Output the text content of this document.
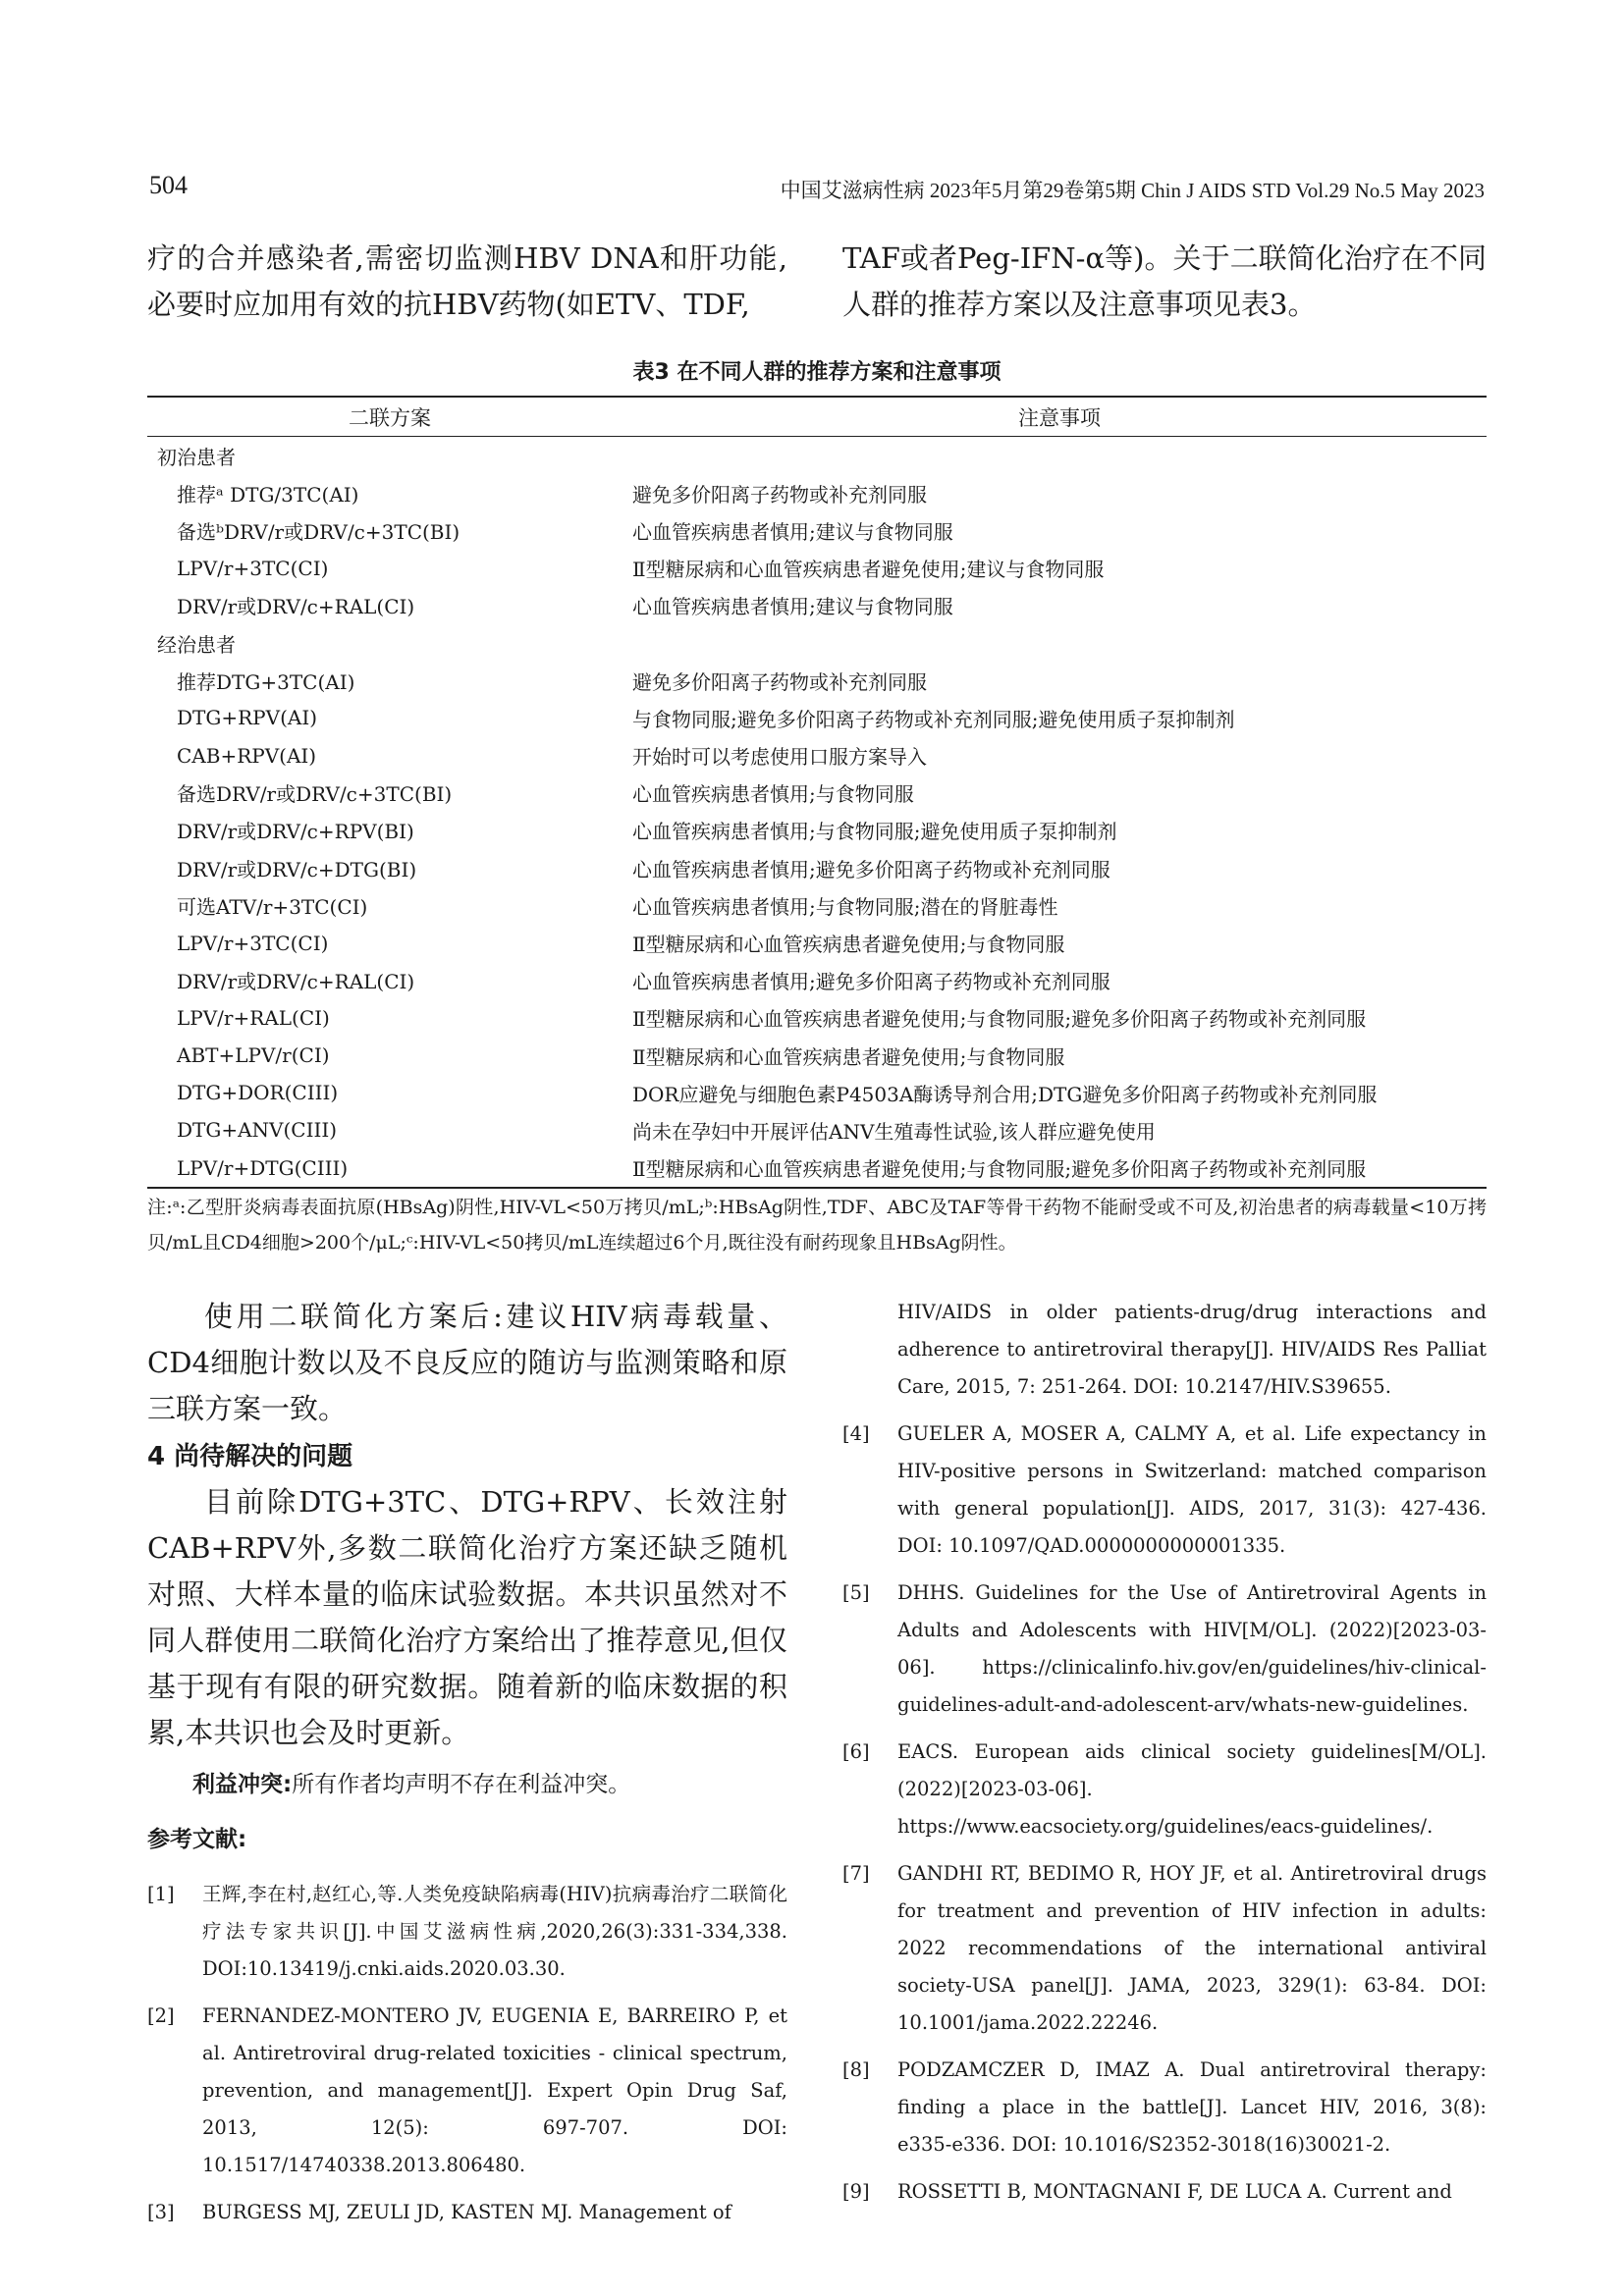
504	中国艾滋病性病 2023年5月第29卷第5期 Chin J AIDS STD Vol.29 No.5 May 2023
疗的合并感染者,需密切监测HBV DNA和肝功能,必要时应加用有效的抗HBV药物(如ETV、TDF,
TAF或者Peg-IFN-α等)。关于二联简化治疗在不同人群的推荐方案以及注意事项见表3。
表3 在不同人群的推荐方案和注意事项
二联方案	注意事项
初治患者
推荐ᵃ DTG/3TC(AI)	避免多价阳离子药物或补充剂同服
备选ᵇDRV/r或DRV/c+3TC(BI)	心血管疾病患者慎用;建议与食物同服
LPV/r+3TC(CI)	Ⅱ型糖尿病和心血管疾病患者避免使用;建议与食物同服
DRV/r或DRV/c+RAL(CI)	心血管疾病患者慎用;建议与食物同服
经治患者
推荐DTG+3TC(AI)	避免多价阳离子药物或补充剂同服
DTG+RPV(AI)	与食物同服;避免多价阳离子药物或补充剂同服;避免使用质子泵抑制剂
CAB+RPV(AI)	开始时可以考虑使用口服方案导入
备选DRV/r或DRV/c+3TC(BI)	心血管疾病患者慎用;与食物同服
DRV/r或DRV/c+RPV(BI)	心血管疾病患者慎用;与食物同服;避免使用质子泵抑制剂
DRV/r或DRV/c+DTG(BI)	心血管疾病患者慎用;避免多价阳离子药物或补充剂同服
可选ATV/r+3TC(CI)	心血管疾病患者慎用;与食物同服;潜在的肾脏毒性
LPV/r+3TC(CI)	Ⅱ型糖尿病和心血管疾病患者避免使用;与食物同服
DRV/r或DRV/c+RAL(CI)	心血管疾病患者慎用;避免多价阳离子药物或补充剂同服
LPV/r+RAL(CI)	Ⅱ型糖尿病和心血管疾病患者避免使用;与食物同服;避免多价阳离子药物或补充剂同服
ABT+LPV/r(CI)	Ⅱ型糖尿病和心血管疾病患者避免使用;与食物同服
DTG+DOR(CIII)	DOR应避免与细胞色素P4503A酶诱导剂合用;DTG避免多价阳离子药物或补充剂同服
DTG+ANV(CIII)	尚未在孕妇中开展评估ANV生殖毒性试验,该人群应避免使用
LPV/r+DTG(CIII)	Ⅱ型糖尿病和心血管疾病患者避免使用;与食物同服;避免多价阳离子药物或补充剂同服
注:ᵃ:乙型肝炎病毒表面抗原(HBsAg)阴性,HIV-VL<50万拷贝/mL;ᵇ:HBsAg阴性,TDF、ABC及TAF等骨干药物不能耐受或不可及,初治患者的病毒载量<10万拷贝/mL且CD4细胞>200个/μL;ᶜ:HIV-VL<50拷贝/mL连续超过6个月,既往没有耐药现象且HBsAg阴性。
使用二联简化方案后:建议HIV病毒载量、CD4细胞计数以及不良反应的随访与监测策略和原三联方案一致。
4 尚待解决的问题
目前除DTG+3TC、DTG+RPV、长效注射CAB+RPV外,多数二联简化治疗方案还缺乏随机对照、大样本量的临床试验数据。本共识虽然对不同人群使用二联简化治疗方案给出了推荐意见,但仅基于现有有限的研究数据。随着新的临床数据的积累,本共识也会及时更新。
利益冲突:所有作者均声明不存在利益冲突。
参考文献:
[1]	王辉,李在村,赵红心,等.人类免疫缺陷病毒(HIV)抗病毒治疗二联简化疗法专家共识[J].中国艾滋病性病,2020,26(3):331-334,338. DOI:10.13419/j.cnki.aids.2020.03.30.
[2]	FERNANDEZ-MONTERO JV, EUGENIA E, BARREIRO P, et al. Antiretroviral drug-related toxicities - clinical spectrum, prevention, and management[J]. Expert Opin Drug Saf, 2013, 12(5): 697-707. DOI: 10.1517/14740338.2013.806480.
[3]	BURGESS MJ, ZEULI JD, KASTEN MJ. Management of
HIV/AIDS in older patients-drug/drug interactions and adherence to antiretroviral therapy[J]. HIV/AIDS Res Palliat Care, 2015, 7: 251-264. DOI: 10.2147/HIV.S39655.
[4]	GUELER A, MOSER A, CALMY A, et al. Life expectancy in HIV-positive persons in Switzerland: matched comparison with general population[J]. AIDS, 2017, 31(3): 427-436. DOI: 10.1097/QAD.0000000000001335.
[5]	DHHS. Guidelines for the Use of Antiretroviral Agents in Adults and Adolescents with HIV[M/OL]. (2022)[2023-03-06]. https://clinicalinfo.hiv.gov/en/guidelines/hiv-clinical-guidelines-adult-and-adolescent-arv/whats-new-guidelines.
[6]	EACS. European aids clinical society guidelines[M/OL]. (2022)[2023-03-06]. https://www.eacsociety.org/guidelines/eacs-guidelines/.
[7]	GANDHI RT, BEDIMO R, HOY JF, et al. Antiretroviral drugs for treatment and prevention of HIV infection in adults: 2022 recommendations of the international antiviral society-USA panel[J]. JAMA, 2023, 329(1): 63-84. DOI: 10.1001/jama.2022.22246.
[8]	PODZAMCZER D, IMAZ A. Dual antiretroviral therapy: finding a place in the battle[J]. Lancet HIV, 2016, 3(8): e335-e336. DOI: 10.1016/S2352-3018(16)30021-2.
[9]	ROSSETTI B, MONTAGNANI F, DE LUCA A. Current and
